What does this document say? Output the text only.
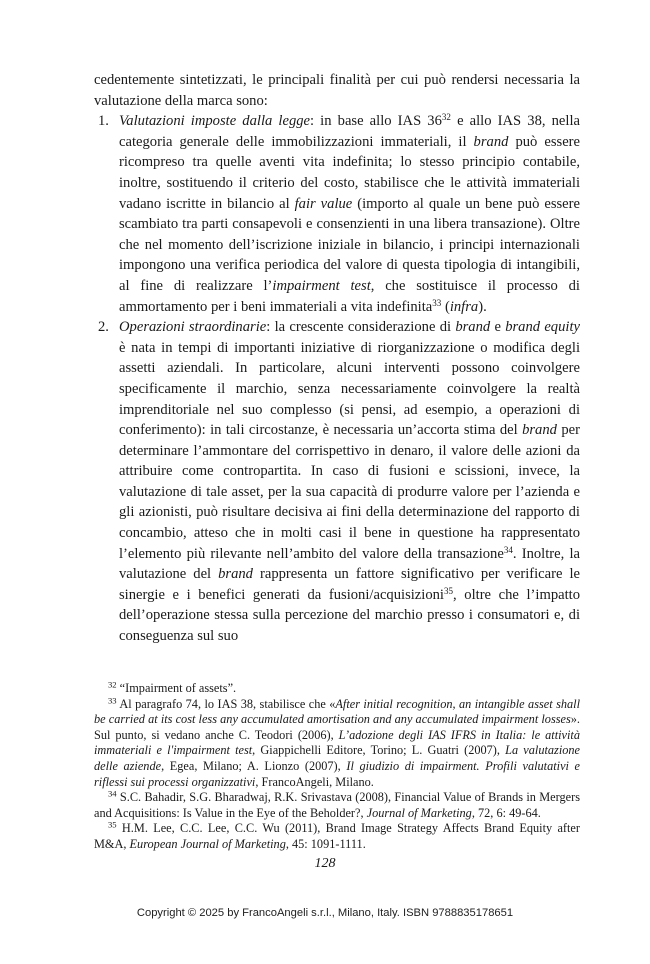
cedentemente sintetizzati, le principali finalità per cui può rendersi necessaria la valutazione della marca sono:

1. Valutazioni imposte dalla legge: in base allo IAS $36^{32}$ e allo IAS 38, nella categoria generale delle immobilizzazioni immateriali, il brand può essere ricompreso tra quelle aventi vita indefinita; lo stesso principio contabile, inoltre, sostituendo il criterio del costo, stabilisce che le attività immateriali vadano iscritte in bilancio al fair value (importo al quale un bene può essere scambiato tra parti consapevoli e consenzienti in una libera transazione). Oltre che nel momento dell’iscrizione iniziale in bilancio, i principi internazionali impongono una verifica periodica del valore di questa tipologia di intangibili, al fine di realizzare l’impairment test, che sostituisce il processo di ammortamento per i beni immateriali a vita indefinita$^{33}$ (infra).
2. Operazioni straordinarie: la crescente considerazione di brand e brand equity è nata in tempi di importanti iniziative di riorganizzazione o modifica degli assetti aziendali. In particolare, alcuni interventi possono coinvolgere specificamente il marchio, senza necessariamente coinvolgere la realtà imprenditoriale nel suo complesso (si pensi, ad esempio, a operazioni di conferimento): in tali circostanze, è necessaria un’accorta stima del brand per determinare l’ammontare del corrispettivo in denaro, il valore delle azioni da attribuire come contropartita. In caso di fusioni e scissioni, invece, la valutazione di tale asset, per la sua capacità di produrre valore per l’azienda e gli azionisti, può risultare decisiva ai fini della determinazione del rapporto di concambio, atteso che in molti casi il bene in questione ha rappresentato l’elemento più rilevante nell’ambito del valore della transazione$^{34}$. Inoltre, la valutazione del brand rappresenta un fattore significativo per verificare le sinergie e i benefici generati da fusioni/acquisizioni$^{35}$, oltre che l’impatto dell’operazione stessa sulla percezione del marchio presso i consumatori e, di conseguenza sul suo

$^{32}$ “Impairment of assets”.

$^{33}$ Al paragrafo 74, lo IAS 38, stabilisce che «After initial recognition, an intangible asset shall be carried at its cost less any accumulated amortisation and any accumulated impairment losses». Sul punto, si vedano anche C. Teodori (2006), L’adozione degli IAS IFRS in Italia: le attività immateriali e l'impairment test, Giappichelli Editore, Torino; L. Guatri (2007), La valutazione delle aziende, Egea, Milano; A. Lionzo (2007), Il giudizio di impairment. Profili valutativi e riflessi sui processi organizzativi, FrancoAngeli, Milano.

$^{34}$ S.C. Bahadir, S.G. Bharadwaj, R.K. Srivastava (2008), Financial Value of Brands in Mergers and Acquisitions: Is Value in the Eye of the Beholder?, Journal of Marketing, 72, 6: 49-64.

$^{35}$ H.M. Lee, C.C. Lee, C.C. Wu (2011), Brand Image Strategy Affects Brand Equity after M&A, European Journal of Marketing, 45: 1091-1111.

128
Copyright © 2025 by FrancoAngeli s.r.l., Milano, Italy. ISBN 9788835178651
